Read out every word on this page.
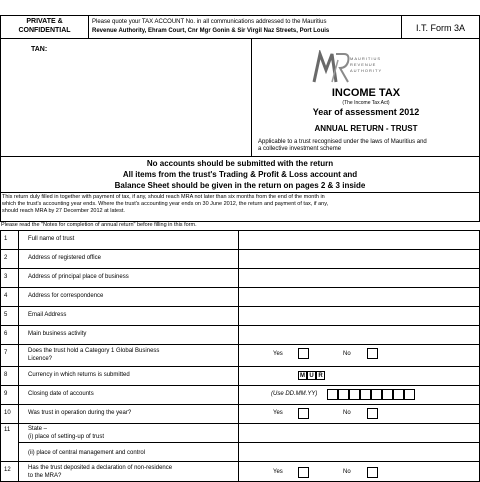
PRIVATE &
CONFIDENTIAL
Please quote your TAX ACCOUNT No. in all communications addressed to the Mauritius
Revenue Authority, Ehram Court, Cnr Mgr Gonin & Sir Virgil Naz Streets, Port Louis	I.T. Form 3A
TAN:
MAURITIUS
REVENUE
AUTHORITY
INCOME TAX
(The Income Tax Act)
Year of assessment 2012
ANNUAL RETURN - TRUST
Applicable to a trust recognised under the laws of Mauritius and
a collective investment scheme
No accounts should be submitted with the return
All items from the trust's Trading & Profit & Loss account and
Balance Sheet should be given in the return on pages 2 & 3 inside
This return duly filled in together with payment of tax, if any, should reach MRA not later than six months from the end of the month in
which the trust's accounting year ends. Where the trust's accounting year ends on 30 June 2012, the return and payment of tax, if any,
should reach MRA by 27 December 2012 at latest.
Please read the "Notes for completion of annual return" before filling in this form.
1	Full name of trust
2	Address of registered office
3	Address of principal place of business
4	Address for correspondence
5	Email Address
6	Main business activity
7	Does the trust hold a Category 1 Global Business
Licence?
Yes	No
8	Currency in which returns is submitted	M U R
9	Closing date of accounts	(Use DD.MM.YY)
10	Was trust in operation during the year?	Yes	No
11	State –
(i) place of setting-up of trust
(ii) place of central management and control
12	Has the trust deposited a declaration of non-residence
to the MRA?
Yes	No
